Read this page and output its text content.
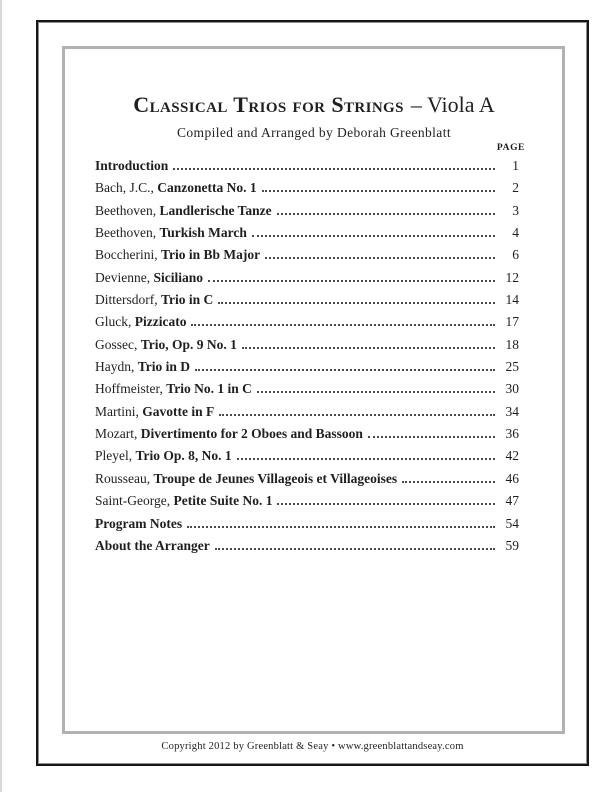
Classical Trios for Strings – Viola A
Compiled and Arranged by Deborah Greenblatt
PAGE
Introduction	1
Bach, J.C., Canzonetta No. 1	2
Beethoven, Landlerische Tanze	3
Beethoven, Turkish March	4
Boccherini, Trio in Bb Major	6
Devienne, Siciliano	12
Dittersdorf, Trio in C	14
Gluck, Pizzicato	17
Gossec, Trio, Op. 9 No. 1	18
Haydn, Trio in D	25
Hoffmeister, Trio No. 1 in C	30
Martini, Gavotte in F	34
Mozart, Divertimento for 2 Oboes and Bassoon	36
Pleyel, Trio Op. 8, No. 1	42
Rousseau, Troupe de Jeunes Villageois et Villageoises	46
Saint-George, Petite Suite No. 1	47
Program Notes	54
About the Arranger	59
Copyright 2012 by Greenblatt & Seay • www.greenblattandseay.com
